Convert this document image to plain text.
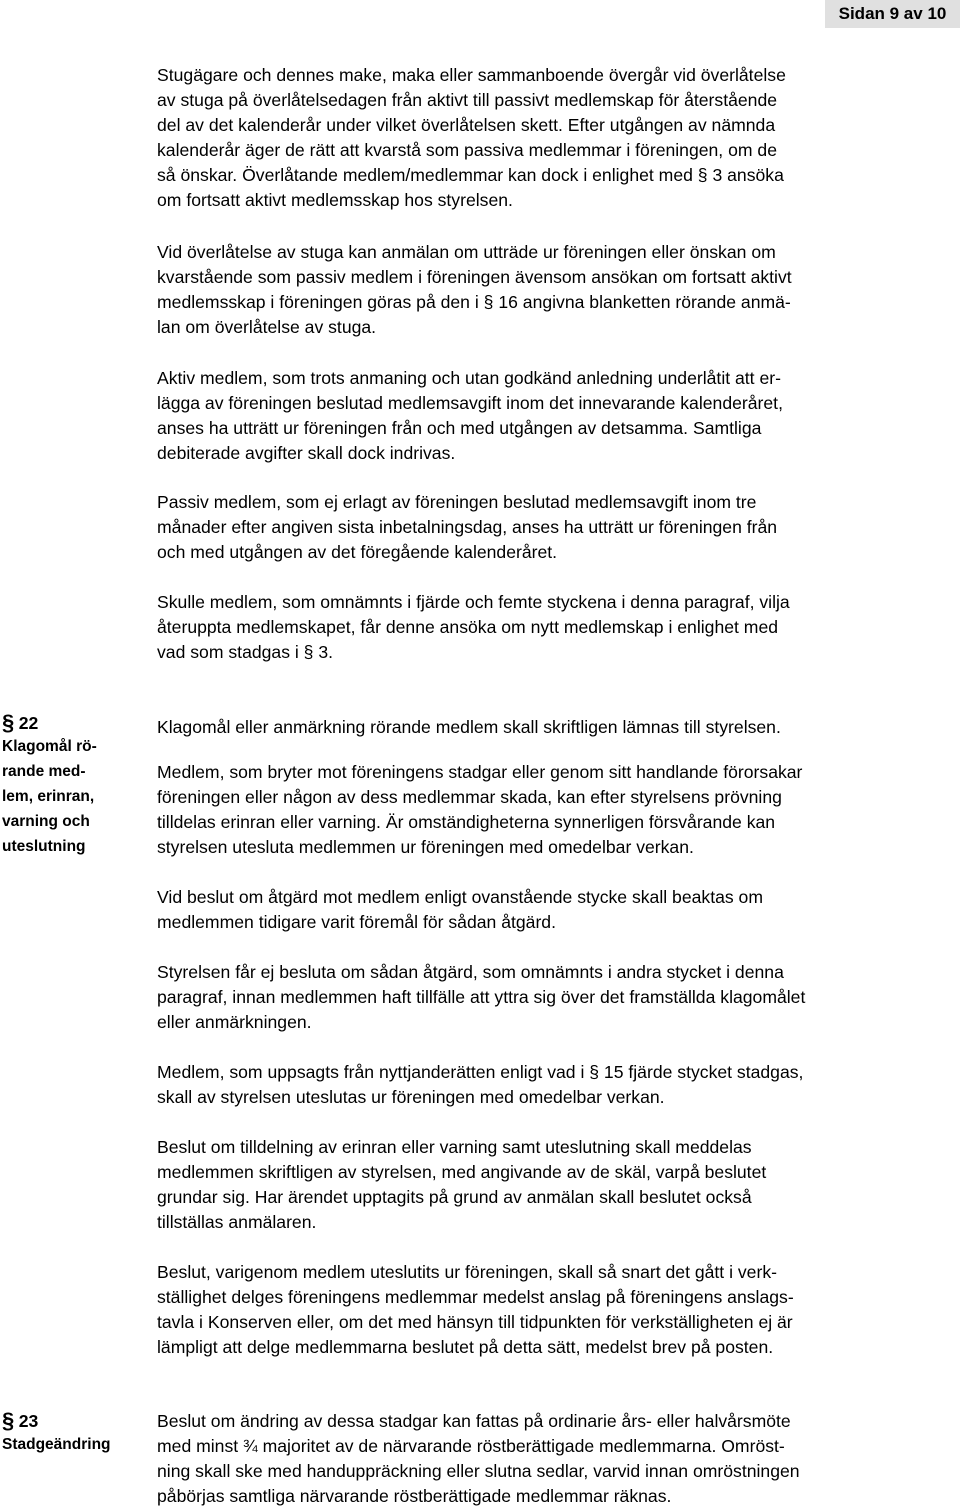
Sidan 9 av 10

Stugägare och dennes make, maka eller sammanboende övergår vid överlåtelse
av stuga på överlåtelsedagen från aktivt till passivt medlemskap för återstående
del av det kalenderår under vilket överlåtelsen skett. Efter utgången av nämnda
kalenderår äger de rätt att kvarstå som passiva medlemmar i föreningen, om de
så önskar. Överlåtande medlem/medlemmar kan dock i enlighet med § 3 ansöka
om fortsatt aktivt medlemsskap hos styrelsen.

Vid överlåtelse av stuga kan anmälan om utträde ur föreningen eller önskan om
kvarstående som passiv medlem i föreningen ävensom ansökan om fortsatt aktivt
medlemsskap i föreningen göras på den i § 16 angivna blanketten rörande anmä-
lan om överlåtelse av stuga.

Aktiv medlem, som trots anmaning och utan godkänd anledning underlåtit att er-
lägga av föreningen beslutad medlemsavgift inom det innevarande kalenderåret,
anses ha utträtt ur föreningen från och med utgången av detsamma. Samtliga
debiterade avgifter skall dock indrivas.

Passiv medlem, som ej erlagt av föreningen beslutad medlemsavgift inom tre
månader efter angiven sista inbetalningsdag, anses ha utträtt ur föreningen från
och med utgången av det föregående kalenderåret.

Skulle medlem, som omnämnts i fjärde och femte styckena i denna paragraf, vilja
återuppta medlemskapet, får denne ansöka om nytt medlemskap i enlighet med
vad som stadgas i § 3.

§ 22

Klagomål rö-
rande med-
lem, erinran,
varning och
uteslutning

Klagomål eller anmärkning rörande medlem skall skriftligen lämnas till styrelsen.

Medlem, som bryter mot föreningens stadgar eller genom sitt handlande förorsakar
föreningen eller någon av dess medlemmar skada, kan efter styrelsens prövning
tilldelas erinran eller varning. Är omständigheterna synnerligen försvårande kan
styrelsen utesluta medlemmen ur föreningen med omedelbar verkan.

Vid beslut om åtgärd mot medlem enligt ovanstående stycke skall beaktas om
medlemmen tidigare varit föremål för sådan åtgärd.

Styrelsen får ej besluta om sådan åtgärd, som omnämnts i andra stycket i denna
paragraf, innan medlemmen haft tillfälle att yttra sig över det framställda klagomålet
eller anmärkningen.

Medlem, som uppsagts från nyttjanderätten enligt vad i § 15 fjärde stycket stadgas,
skall av styrelsen uteslutas ur föreningen med omedelbar verkan.

Beslut om tilldelning av erinran eller varning samt uteslutning skall meddelas
medlemmen skriftligen av styrelsen, med angivande av de skäl, varpå beslutet
grundar sig. Har ärendet upptagits på grund av anmälan skall beslutet också
tillställas anmälaren.

Beslut, varigenom medlem uteslutits ur föreningen, skall så snart det gått i verk-
ställighet delges föreningens medlemmar medelst anslag på föreningens anslags-
tavla i Konserven eller, om det med hänsyn till tidpunkten för verkställigheten ej är
lämpligt att delge medlemmarna beslutet på detta sätt, medelst brev på posten.

§ 23

Stadgeändring

Beslut om ändring av dessa stadgar kan fattas på ordinarie års- eller halvårsmöte
med minst ¾ majoritet av de närvarande röstberättigade medlemmarna. Omröst-
ning skall ske med handuppräckning eller slutna sedlar, varvid innan omröstningen
påbörjas samtliga närvarande röstberättigade medlemmar räknas.
